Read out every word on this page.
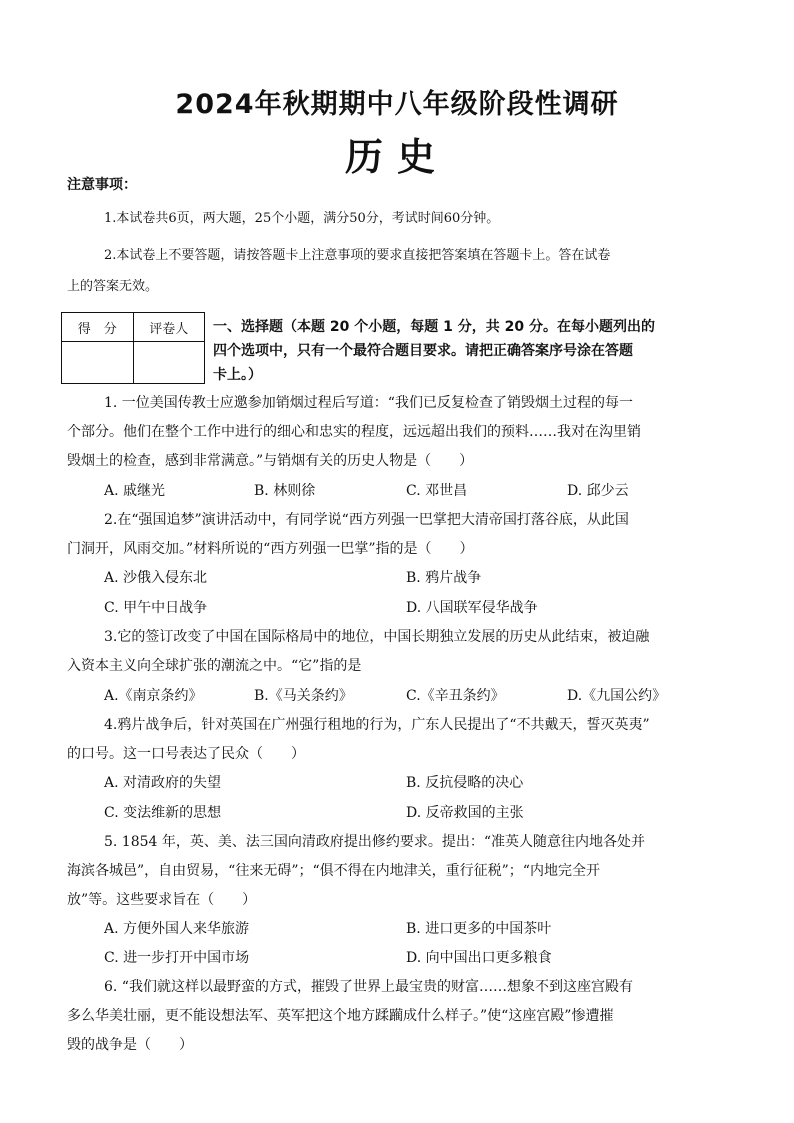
2024年秋期期中八年级阶段性调研
历史
注意事项：
1.本试卷共6页，两大题，25个小题，满分50分，考试时间60分钟。
2.本试卷上不要答题，请按答题卡上注意事项的要求直接把答案填在答题卡上。答在试卷
上的答案无效。
得　分	评卷人
	一、选择题（本题 20 个小题，每题 1 分，共 20 分。在每小题列出的
四个选项中，只有一个最符合题目要求。请把正确答案序号涂在答题
卡上。）
1. 一位美国传教士应邀参加销烟过程后写道：“我们已反复检查了销毁烟土过程的每一
个部分。他们在整个工作中进行的细心和忠实的程度，远远超出我们的预料……我对在沟里销
毁烟土的检查，感到非常满意。”与销烟有关的历史人物是（　　）
A. 戚继光	B. 林则徐	C. 邓世昌	D. 邱少云
2.在“强国追梦”演讲活动中，有同学说“西方列强一巴掌把大清帝国打落谷底，从此国
门洞开，风雨交加。”材料所说的“西方列强一巴掌”指的是（　　）
A. 沙俄入侵东北	B. 鸦片战争
C. 甲午中日战争	D. 八国联军侵华战争
3.它的签订改变了中国在国际格局中的地位，中国长期独立发展的历史从此结束，被迫融
入资本主义向全球扩张的潮流之中。“它”指的是
A.《南京条约》	B.《马关条约》	C.《辛丑条约》	D.《九国公约》
4.鸦片战争后，针对英国在广州强行租地的行为，广东人民提出了“不共戴天，誓灭英夷”
的口号。这一口号表达了民众（　　）
A. 对清政府的失望	B. 反抗侵略的决心
C. 变法维新的思想	D. 反帝救国的主张
5. 1854 年，英、美、法三国向清政府提出修约要求。提出：“准英人随意往内地各处并
海滨各城邑”，自由贸易，“往来无碍”；“俱不得在内地津关，重行征税”；“内地完全开
放”等。这些要求旨在（　　）
A. 方便外国人来华旅游	B. 进口更多的中国茶叶
C. 进一步打开中国市场	D. 向中国出口更多粮食
6. “我们就这样以最野蛮的方式，摧毁了世界上最宝贵的财富……想象不到这座宫殿有
多么华美壮丽，更不能设想法军、英军把这个地方蹂躏成什么样子。”使“这座宫殿”惨遭摧
毁的战争是（　　）
